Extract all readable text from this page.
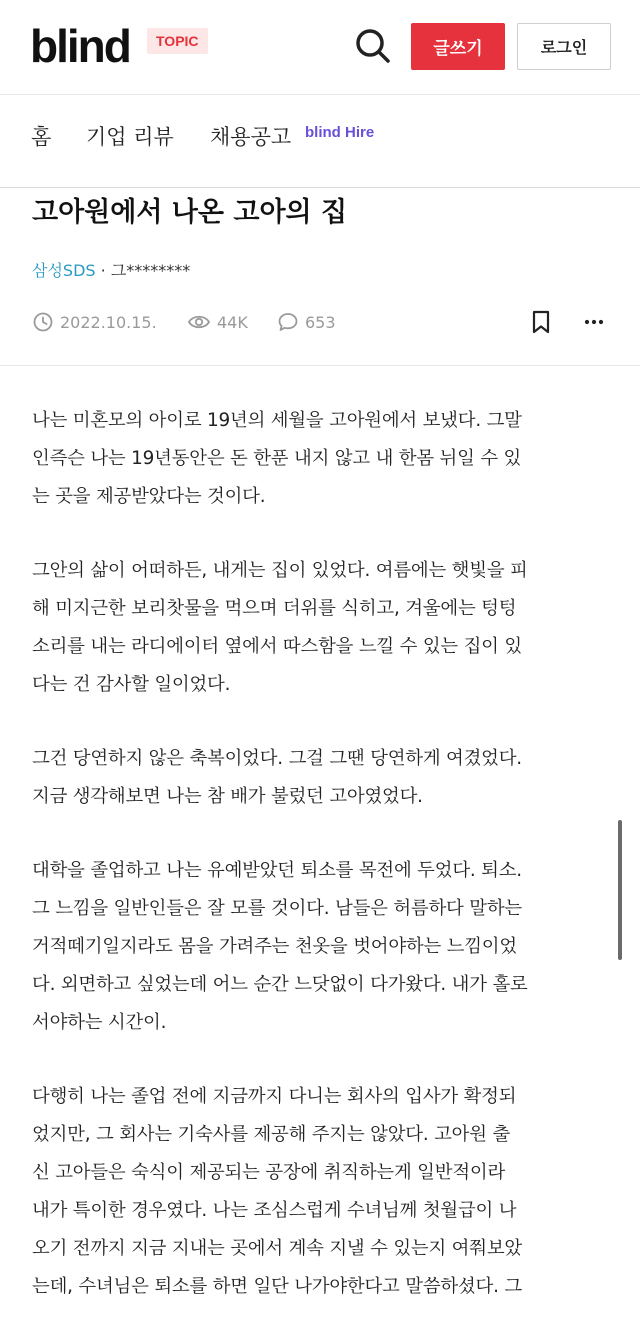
blind	TOPIC	글쓰기	로그인
홈 기업 리뷰 채용공고 blind Hire
고아원에서 나온 고아의 집
삼성SDS · 그********
2022.10.15.	44K	653
나는 미혼모의 아이로 19년의 세월을 고아원에서 보냈다. 그말
인즉슨 나는 19년동안은 돈 한푼 내지 않고 내 한몸 뉘일 수 있
는 곳을 제공받았다는 것이다.
그안의 삶이 어떠하든, 내게는 집이 있었다. 여름에는 햇빛을 피
해 미지근한 보리찻물을 먹으며 더위를 식히고, 겨울에는 텅텅
소리를 내는 라디에이터 옆에서 따스함을 느낄 수 있는 집이 있
다는 건 감사할 일이었다.
그건 당연하지 않은 축복이었다. 그걸 그땐 당연하게 여겼었다.
지금 생각해보면 나는 참 배가 불렀던 고아였었다.
대학을 졸업하고 나는 유예받았던 퇴소를 목전에 두었다. 퇴소.
그 느낌을 일반인들은 잘 모를 것이다. 남들은 허름하다 말하는
거적떼기일지라도 몸을 가려주는 천옷을 벗어야하는 느낌이었
다. 외면하고 싶었는데 어느 순간 느닷없이 다가왔다. 내가 홀로
서야하는 시간이.
다행히 나는 졸업 전에 지금까지 다니는 회사의 입사가 확정되
었지만, 그 회사는 기숙사를 제공해 주지는 않았다. 고아원 출
신 고아들은 숙식이 제공되는 공장에 취직하는게 일반적이라
내가 특이한 경우였다. 나는 조심스럽게 수녀님께 첫월급이 나
오기 전까지 지금 지내는 곳에서 계속 지낼 수 있는지 여쭤보았
는데, 수녀님은 퇴소를 하면 일단 나가야한다고 말씀하셨다. 그
